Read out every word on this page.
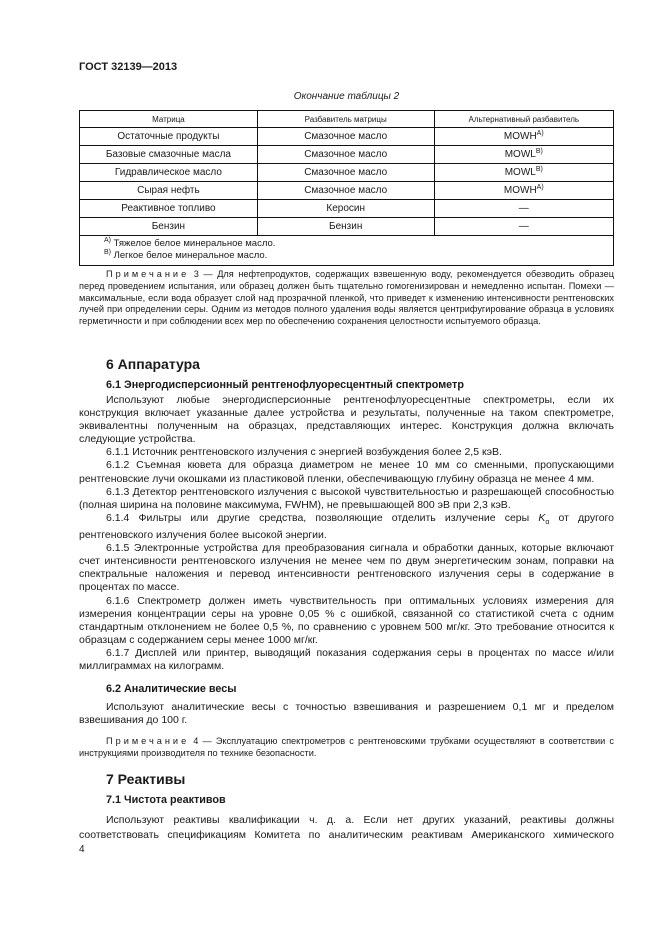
ГОСТ 32139—2013
Окончание таблицы 2
Матрица	Разбавитель матрицы	Альтернативный разбавитель
Остаточные продукты	Смазочное масло	$MOWH^{А)}$
Базовые смазочные масла	Смазочное масло	$MOWL^{В)}$
Гидравлическое масло	Смазочное масло	$MOWL^{В)}$
Сырая нефть	Смазочное масло	$MOWH^{А)}$
Реактивное топливо	Керосин	—
Бензин	Бензин	—

$^{А)}$ Тяжелое белое минеральное масло.
$^{В)}$ Легкое белое минеральное масло.		
Примечание 3 — Для нефтепродуктов, содержащих взвешенную воду, рекомендуется обезводить образец перед проведением испытания, или образец должен быть тщательно гомогенизирован и немедленно испытан. Помехи — максимальные, если вода образует слой над прозрачной пленкой, что приведет к изменению интенсивности рентгеновских лучей при определении серы. Одним из методов полного удаления воды является центрифугирование образца в условиях герметичности и при соблюдении всех мер по обеспечению сохранения целостности испытуемого образца.
6 Аппаратура
6.1 Энергодисперсионный рентгенофлуоресцентный спектрометр

Используют любые энергодисперсионные рентгенофлуоресцентные спектрометры, если их конструкция включает указанные далее устройства и результаты, полученные на таком спектрометре, эквивалентны полученным на образцах, представляющих интерес. Конструкция должна включать следующие устройства.

6.1.1 Источник рентгеновского излучения с энергией возбуждения более 2,5 кэВ.

6.1.2 Съемная кювета для образца диаметром не менее 10 мм со сменными, пропускающими рентгеновские лучи окошками из пластиковой пленки, обеспечивающую глубину образца не менее 4 мм.

6.1.3 Детектор рентгеновского излучения с высокой чувствительностью и разрешающей способностью (полная ширина на половине максимума, FWHM), не превышающей 800 эВ при 2,3 кэВ.

6.1.4 Фильтры или другие средства, позволяющие отделить излучение серы $K_\alpha$ от другого рентгеновского излучения более высокой энергии.

6.1.5 Электронные устройства для преобразования сигнала и обработки данных, которые включают счет интенсивности рентгеновского излучения не менее чем по двум энергетическим зонам, поправки на спектральные наложения и перевод интенсивности рентгеновского излучения серы в содержание в процентах по массе.

6.1.6 Спектрометр должен иметь чувствительность при оптимальных условиях измерения для измерения концентрации серы на уровне 0,05 % с ошибкой, связанной со статистикой счета с одним стандартным отклонением не более 0,5 %, по сравнению с уровнем 500 мг/кг. Это требование относится к образцам с содержанием серы менее 1000 мг/кг.

6.1.7 Дисплей или принтер, выводящий показания содержания серы в процентах по массе и/или миллиграммах на килограмм.

6.2 Аналитические весы

Используют аналитические весы с точностью взвешивания и разрешением 0,1 мг и пределом взвешивания до 100 г.

Примечание 4 — Эксплуатацию спектрометров с рентгеновскими трубками осуществляют в соответствии с инструкциями производителя по технике безопасности.
7 Реактивы
7.1 Чистота реактивов

Используют реактивы квалификации ч. д. а. Если нет других указаний, реактивы должны соответствовать спецификациям Комитета по аналитическим реактивам Американского химического

4
